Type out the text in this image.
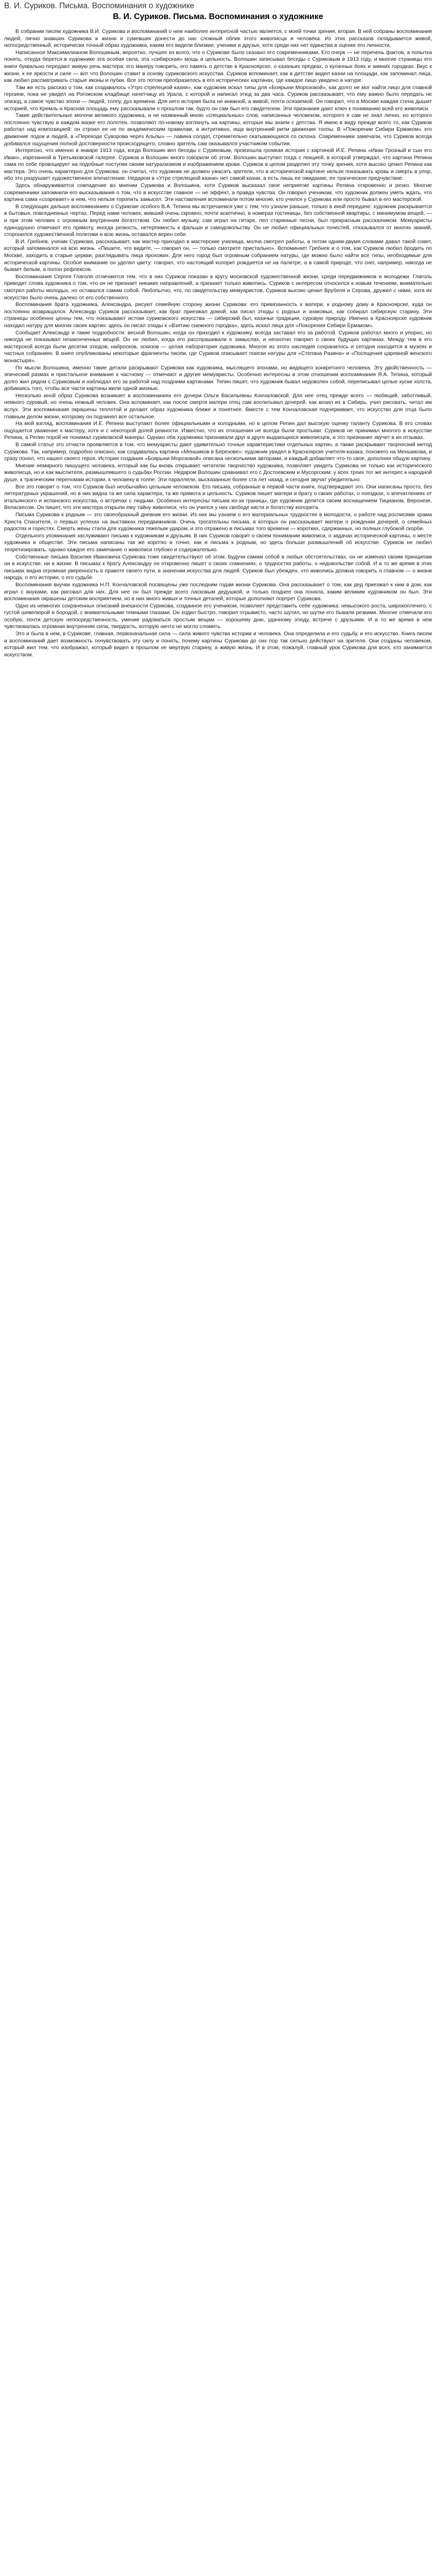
В. И. Суриков. Письма. Воспоминания о художнике
В. И. Суриков. Письма. Воспоминания о художнике

В собрании писем художника В.И. Сурикова и воспоминаний о нем наиболее интересной частью является, с моей точки зрения, вторая. В ней собраны воспоминания людей, лично знавших Сурикова в жизни и сумевших донести до нас сложный облик этого живописца и человека. Из этих рассказов складывается живой, непосредственный, исторически точный образ художника, каким его видели близкие, ученики и друзья, хотя среди них нет единства в оценке его личности.

Написанное Максимилианом Волошиным, вероятно, лучшее из всего, что о Сурикове было сказано его современниками. Его очерк — не перечень фактов, а попытка понять, откуда берется в художнике эта особая сила, эта «сибирская» мощь и цельность. Волошин записывал беседы с Суриковым в 1913 году, и многие страницы его книги буквально передают живую речь мастера: его манеру говорить, его память о детстве в Красноярске, о казачьих предках, о кулачных боях и зимних городках. Вкус к жизни, к ее яркости и силе — вот что Волошин ставит в основу суриковского искусства. Суриков вспоминает, как в детстве видел казни на площади, как запоминал лица, как любил рассматривать старые иконы и лубки. Все это потом преобразилось в его исторических картинах, где каждое лицо увидено в натуре.

Там же есть рассказ о том, как создавалось «Утро стрелецкой казни», как художник искал типы для «Боярыни Морозовой», как долго не мог найти лицо для главной героини, пока не увидел на Рогожском кладбище начетчицу из Урала, с которой и написал этюд за два часа. Суриков рассказывает, что ему важно было передать не эпизод, а самое чувство эпохи — людей, толпу, дух времени. Для него история была не книжной, а живой, почти осязаемой. Он говорил, что в Москве каждая стена дышит историей, что Кремль и Красная площадь ему рассказывали о прошлом так, будто он сам был его свидетелем. Эти признания дают ключ к пониманию всей его живописи.

Такие действительные мелочи великого художника, и не названный мною «специальных» слов, написанных человеком, которого я сам не знал лично, но которого постоянно чувствую в каждом мазке его полотен, позволяют по-новому взглянуть на картины, которые мы знаем с детства. Я имею в виду прежде всего то, как Суриков работал над композицией: он строил ее не по академическим правилам, а интуитивно, ища внутренний ритм движения толпы. В «Покорении Сибири Ермаком» это движение лодок и людей, в «Переходе Суворова через Альпы» — лавина солдат, стремительно скатывающаяся со склона. Современники замечали, что Суриков всегда добивался ощущения полной достоверности происходящего, словно зритель сам оказывался участником события.

Интересно, что именно в январе 1913 года, когда Волошин вел беседы с Суриковым, произошла громкая история с картиной И.Е. Репина «Иван Грозный и сын его Иван», изрезанной в Третьяковской галерее. Суриков и Волошин много говорили об этом. Волошин выступил тогда с лекцией, в которой утверждал, что картина Репина сама по себе провоцирует на подобные поступки своим натурализмом и изображением крови. Суриков в целом разделял эту точку зрения, хотя высоко ценил Репина как мастера. Это очень характерно для Сурикова: он считал, что художник не должен ужасать зрителя, что в исторической картине нельзя показывать кровь и смерть в упор, ибо это разрушает художественное впечатление. Недаром в «Утре стрелецкой казни» нет самой казни, а есть лишь ее ожидание, ее трагическое предчувствие.

Здесь обнаруживается совпадение во мнении Сурикова и Волошина, хотя Суриков высказал свое неприятие картины Репина откровенно и резко. Многие современники запомнили его высказывания о том, что в искусстве главное — не эффект, а правда чувства. Он говорил ученикам, что художник должен уметь ждать, что картина сама «созревает» в нем, что нельзя торопить замысел. Эти наставления вспоминали потом многие, кто учился у Сурикова или просто бывал в его мастерской.

В следующих дальше воспоминаниях о Сурикове особого В.А. Тепина мы встречаемся уже с тем, что узнали раньше, только в иной передаче: художник раскрывается в бытовых, повседневных чертах. Перед нами человек, живший очень скромно, почти аскетично, в номерах гостиницы, без собственной квартиры, с минимумом вещей, — и при этом человек с огромным внутренним богатством. Он любил музыку, сам играл на гитаре, пел старинные песни, был прекрасным рассказчиком. Мемуаристы единодушно отмечают его прямоту, иногда резкость, нетерпимость к фальши и самодовольству. Он не любил официальных почестей, отказывался от многих званий, сторонился художественной политики и всю жизнь оставался верен себе.

В.И. Гребнев, ученик Сурикова, рассказывает, как мастер приходил в мастерские училища, молча смотрел работы, а потом одним-двумя словами давал такой совет, который запоминался на всю жизнь. «Пишите, что видите, — говорил он, — только смотрите пристально». Вспоминает Гребнев и о том, как Суриков любил бродить по Москве, заходить в старые церкви, разглядывать лица прохожих. Для него город был огромным собранием натуры, где можно было найти все типы, необходимые для исторической картины. Особое внимание он уделял цвету: говорил, что настоящий колорит рождается не на палитре, а в самой природе, что снег, например, никогда не бывает белым, а полон рефлексов.

Воспоминания Сергея Глаголя отличаются тем, что в них Суриков показан в кругу московской художественной жизни, среди передвижников и молодежи. Глаголь приводит слова художника о том, что он не признает никаких направлений, а признает только живопись. Суриков с интересом относился к новым течениям, внимательно смотрел работы молодых, но оставался самим собой. Любопытно, что, по свидетельству мемуаристов, Суриков высоко ценил Врубеля и Серова, дружил с ними, хотя их искусство было очень далеко от его собственного.

Воспоминания брата художника, Александра, рисуют семейную сторону жизни Сурикова: его привязанность к матери, к родному дому в Красноярске, куда он постоянно возвращался. Александр Суриков рассказывает, как брат приезжал домой, как писал этюды с родных и знакомых, как собирал сибирскую старину. Эти страницы особенно ценны тем, что показывают истоки суриковского искусства — сибирский быт, казачьи традиции, суровую природу. Именно в Красноярске художник находил натуру для многих своих картин: здесь он писал этюды к «Взятию снежного городка», здесь искал лица для «Покорения Сибири Ермаком».

Сообщает Александр и такие подробности: весной Волошин, когда он приходил к художнику, всегда заставал его за работой. Суриков работал много и упорно, но никогда не показывал незаконченных вещей. Он не любил, когда его расспрашивали о замыслах, и неохотно говорил о своих будущих картинах. Между тем в его мастерской всегда были десятки этюдов, набросков, эскизов — целая лаборатория художника. Многое из этого наследия сохранилось и сегодня находится в музеях и частных собраниях. В книге опубликованы некоторые фрагменты писем, где Суриков описывает поиски натуры для «Степана Разина» и «Посещения царевной женского монастыря».

По мысли Волошина, именно такие детали раскрывают Сурикова как художника, мыслящего эпохами, но видящего конкретного человека. Эту двойственность — эпический размах и пристальное внимание к частному — отмечают и другие мемуаристы. Особенно интересны в этом отношении воспоминания Я.А. Тепина, который долго жил рядом с Суриковым и наблюдал его за работой над поздними картинами. Тепин пишет, что художник бывал недоволен собой, переписывал целые куски холста, добиваясь того, чтобы все части картины жили одной жизнью.

Несколько иной образ Сурикова возникает в воспоминаниях его дочери Ольги Васильевны Кончаловской. Для нее отец прежде всего — любящий, заботливый, немного суровый, но очень нежный человек. Она вспоминает, как после смерти матери отец сам воспитывал дочерей, как возил их в Сибирь, учил рисовать, читал им вслух. Эти воспоминания окрашены теплотой и делают образ художника ближе и понятнее. Вместе с тем Кончаловская подчеркивает, что искусство для отца было главным делом жизни, которому он подчинял все остальное.

На мой взгляд, воспоминания И.Е. Репина выступают более официальными и холодными, но в целом Репин дал высокую оценку таланту Сурикова. В его словах ощущается уважение к мастеру, хотя и с некоторой долей ревности. Известно, что их отношения не всегда были простыми: Суриков не принимал многого в искусстве Репина, а Репин порой не понимал суриковской манеры. Однако оба художника признавали друг в друге выдающихся живописцев, и это признание звучит в их отзывах.

В самой статье это отчасти проявляется в том, что мемуаристы дают удивительно точные характеристики отдельных картин, а также раскрывают творческий метод Сурикова. Так, например, подробно описано, как создавалась картина «Меншиков в Березове»: художник увидел в Красноярске учителя-казака, похожего на Меншикова, и сразу понял, что нашел своего героя. История создания «Боярыни Морозовой» описана несколькими авторами, и каждый добавляет что-то свое, дополняя общую картину.

Мнение немирного пишущего человека, который как бы вновь открывает читателю творчество художника, позволяет увидеть Сурикова не только как исторического живописца, но и как мыслителя, размышлявшего о судьбах России. Недаром Волошин сравнивал его с Достоевским и Мусоргским: у всех троих тот же интерес к народной душе, к трагическим переломам истории, к человеку в толпе. Эти параллели, высказанные более ста лет назад, и сегодня звучат убедительно.

Все это говорит о том, что Суриков был необычайно цельным человеком. Его письма, собранные в первой части книги, подтверждают это. Они написаны просто, без литературных украшений, но в них видна та же сила характера, та же прямота и цельность. Суриков пишет матери и брату о своих работах, о поездках, о впечатлениях от итальянского и испанского искусства, о встречах с людьми. Особенно интересны письма из-за границы, где художник делится своим восхищением Тицианом, Веронезе, Веласкесом. Он пишет, что эти мастера открыли ему тайну живописи, что он учился у них свободе кисти и богатству колорита.

Письма Сурикова к родным — это своеобразный дневник его жизни. Из них мы узнаем о его материальных трудностях в молодости, о работе над росписями храма Христа Спасителя, о первых успехах на выставках передвижников. Очень трогательны письма, в которых он рассказывает матери о рождении дочерей, о семейных радостях и горестях. Смерть жены стала для художника тяжелым ударом, и это отражено в письмах того времени — коротких, сдержанных, но полных глубокой скорби.

Отдельного упоминания заслуживают письма к художникам и друзьям. В них Суриков говорит о своем понимании живописи, о задачах исторической картины, о месте художника в обществе. Эти письма написаны так же коротко и точно, как и письма к родным, но здесь больше размышлений об искусстве. Суриков не любил теоретизировать, однако каждое его замечание о живописи глубоко и содержательно.

Собственные письма Василия Ивановича Сурикова тоже свидетельствуют об этом. Будучи самим собой в любых обстоятельствах, он не изменял своим принципам ни в искусстве, ни в жизни. В письмах к брату Александру он откровенно пишет о своих сомнениях, о трудностях работы, о недовольстве собой. И в то же время в этих письмах видна огромная уверенность в правоте своего пути, в значении искусства для людей. Суриков был убежден, что живопись должна говорить о главном — о жизни народа, о его истории, о его судьбе.

Воспоминания внучки художника Н.П. Кончаловской посвящены уже последним годам жизни Сурикова. Она рассказывает о том, как дед приезжал к ним в дом, как играл с внуками, как рисовал для них. Для нее он был прежде всего ласковым дедушкой, и только позднее она поняла, каким великим художником он был. Эти воспоминания окрашены детским восприятием, но в них много живых и точных деталей, которые дополняют портрет Сурикова.

Одно из немногих сохраненных описаний внешности Сурикова, созданное его учеником, позволяет представить себе художника: невысокого роста, широкоплечего, с густой шевелюрой и бородой, с внимательными темными глазами. Он ходил быстро, говорил отрывисто, часто шутил, но шутки его бывали резкими. Многие отмечали его особую, почти детскую непосредственность, умение радоваться простым вещам — хорошему дню, удачному этюду, встрече с друзьями. И в то же время в нем чувствовалась огромная внутренняя сила, твердость, которую ничто не могло сломить.

Это и была в нем, в Сурикове, главная, первоначальная сила — сила живого чувства истории и человека. Она определила и его судьбу, и его искусство. Книга писем и воспоминаний дает возможность почувствовать эту силу и понять, почему картины Сурикова до сих пор так сильно действуют на зрителя. Они созданы человеком, который жил тем, что изображал, который видел в прошлом не мертвую старину, а живую жизнь. И в этом, пожалуй, главный урок Сурикова для всех, кто занимается искусством.
